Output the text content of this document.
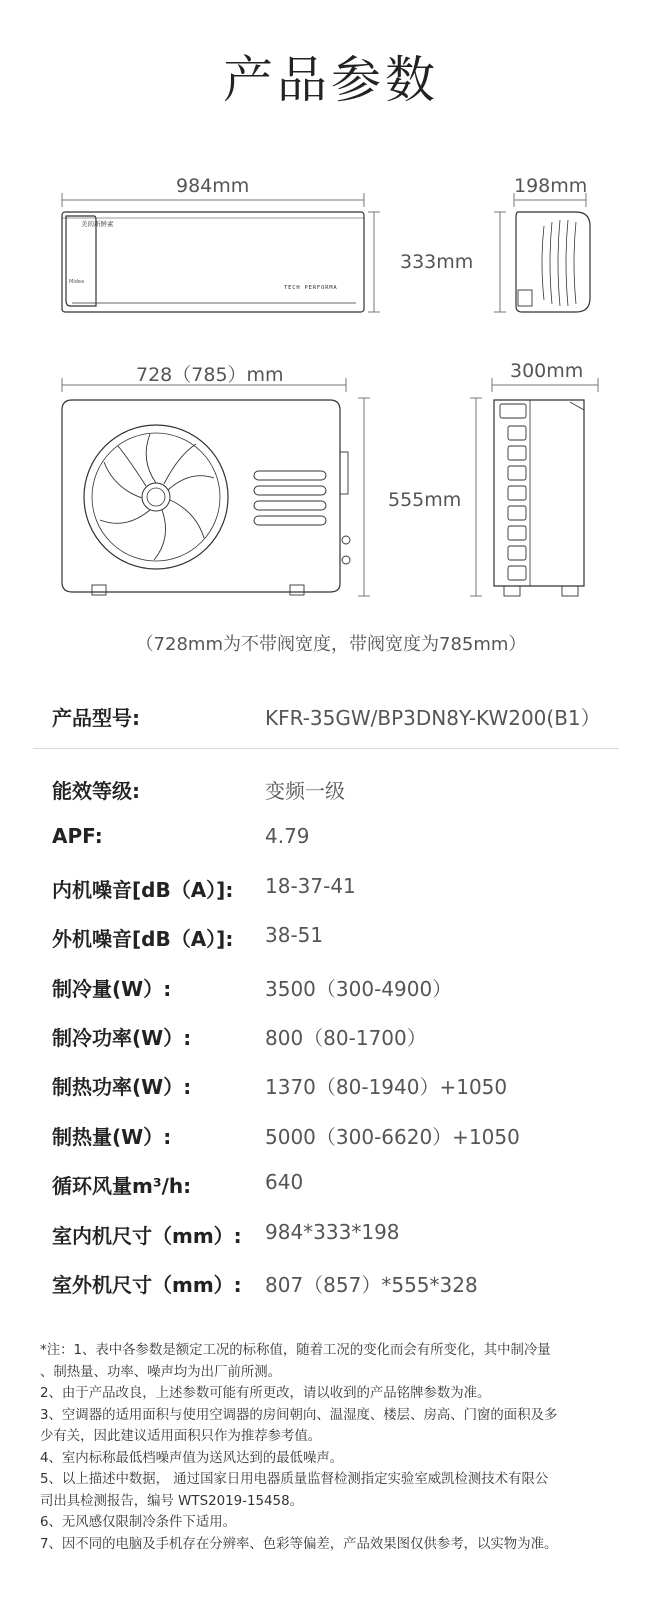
产品参数
984mm	198mm
333mm
728（785）mm	300mm
555mm
美的新鲜素
Midea
TECH PERFORMA
（728mm为不带阀宽度，带阀宽度为785mm）
产品型号:	KFR-35GW/BP3DN8Y-KW200(B1）
能效等级:	变频一级
APF:	4.79
内机噪音[dB（A）]: 18-37-41
外机噪音[dB（A）]: 38-51
制冷量(W）:	3500（300-4900）
制冷功率(W）:	800（80-1700）
制热功率(W）:	1370（80-1940）+1050
制热量(W）:	5000（300-6620）+1050
循环风量m³/h:	640
室内机尺寸（mm）: 984*333*198
室外机尺寸（mm）: 807（857）*555*328

*注：1、表中各参数是额定工况的标称值，随着工况的变化而会有所变化，其中制冷量

、制热量、功率、噪声均为出厂前所测。

2、由于产品改良，上述参数可能有所更改，请以收到的产品铭牌参数为准。

3、空调器的适用面积与使用空调器的房间朝向、温湿度、楼层、房高、门窗的面积及多

少有关，因此建议适用面积只作为推荐参考值。

4、室内标称最低档噪声值为送风达到的最低噪声。

5、以上描述中数据， 通过国家日用电器质量监督检测指定实验室威凯检测技术有限公

司出具检测报告，编号 WTS2019-15458。

6、无风感仅限制冷条件下适用。

7、因不同的电脑及手机存在分辨率、色彩等偏差，产品效果图仅供参考，以实物为准。
